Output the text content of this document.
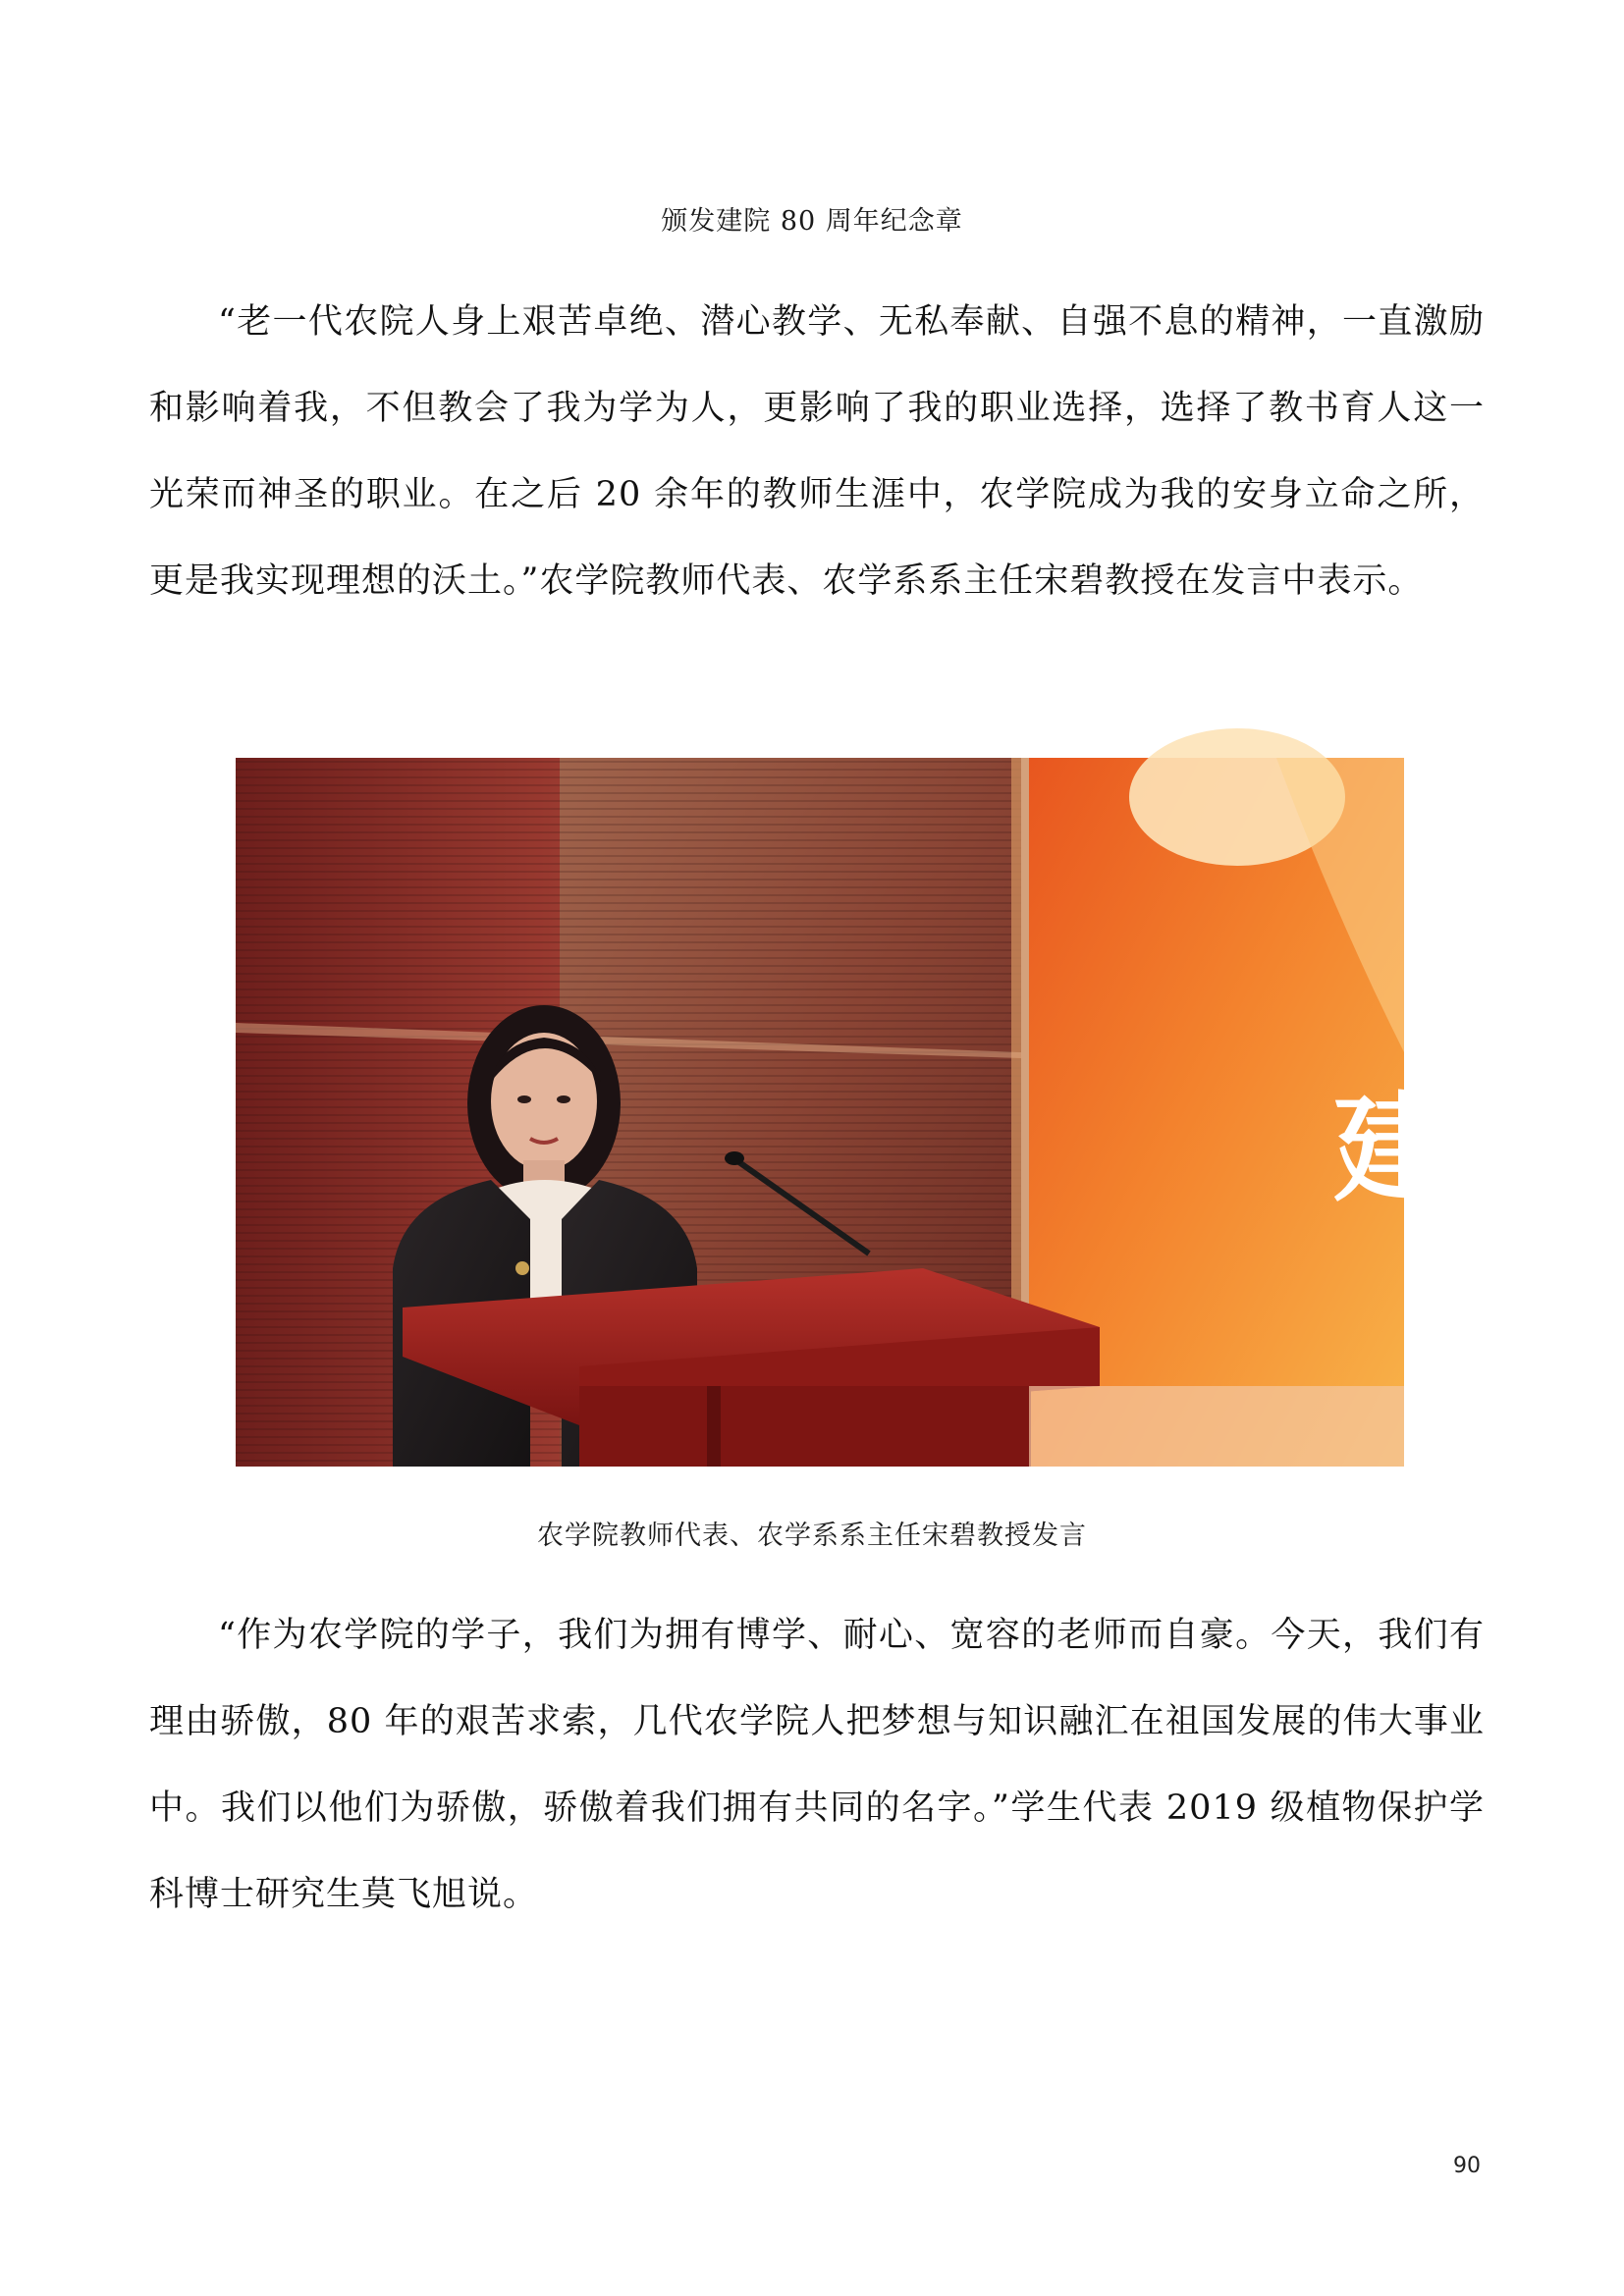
颁发建院 80 周年纪念章

“老一代农院人身上艰苦卓绝、潜心教学、无私奉献、自强不息的精神，一直激励和影响着我，不但教会了我为学为人，更影响了我的职业选择，选择了教书育人这一光荣而神圣的职业。在之后 20 余年的教师生涯中，农学院成为我的安身立命之所，更是我实现理想的沃土。”农学院教师代表、农学系系主任宋碧教授在发言中表示。

建
农学院教师代表、农学系系主任宋碧教授发言

“作为农学院的学子，我们为拥有博学、耐心、宽容的老师而自豪。今天，我们有理由骄傲，80 年的艰苦求索，几代农学院人把梦想与知识融汇在祖国发展的伟大事业中。我们以他们为骄傲，骄傲着我们拥有共同的名字。”学生代表 2019 级植物保护学科博士研究生莫飞旭说。

90
